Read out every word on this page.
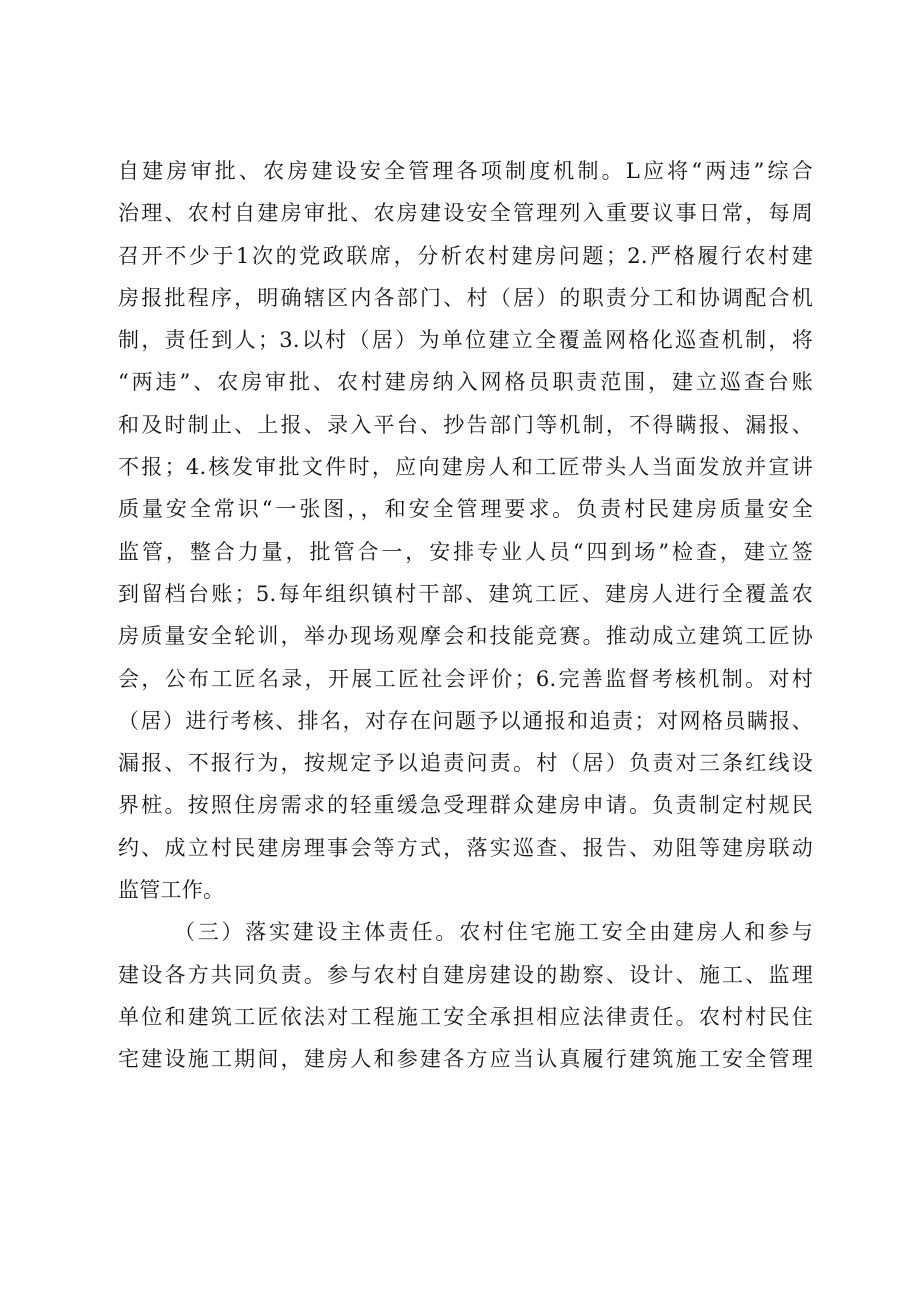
自建房审批、农房建设安全管理各项制度机制。L应将“两违”综合
治理、农村自建房审批、农房建设安全管理列入重要议事日常，每周
召开不少于1次的党政联席，分析农村建房问题；2.严格履行农村建
房报批程序，明确辖区内各部门、村（居）的职责分工和协调配合机
制，责任到人；3.以村（居）为单位建立全覆盖网格化巡查机制，将
“两违”、农房审批、农村建房纳入网格员职责范围，建立巡查台账
和及时制止、上报、录入平台、抄告部门等机制，不得瞒报、漏报、
不报；4.核发审批文件时，应向建房人和工匠带头人当面发放并宣讲
质量安全常识“一张图，，和安全管理要求。负责村民建房质量安全
监管，整合力量，批管合一，安排专业人员“四到场”检查，建立签
到留档台账；5.每年组织镇村干部、建筑工匠、建房人进行全覆盖农
房质量安全轮训，举办现场观摩会和技能竞赛。推动成立建筑工匠协
会，公布工匠名录，开展工匠社会评价；6.完善监督考核机制。对村
（居）进行考核、排名，对存在问题予以通报和追责；对网格员瞒报、
漏报、不报行为，按规定予以追责问责。村（居）负责对三条红线设
界桩。按照住房需求的轻重缓急受理群众建房申请。负责制定村规民
约、成立村民建房理事会等方式，落实巡查、报告、劝阻等建房联动
监管工作。
（三）落实建设主体责任。农村住宅施工安全由建房人和参与
建设各方共同负责。参与农村自建房建设的勘察、设计、施工、监理
单位和建筑工匠依法对工程施工安全承担相应法律责任。农村村民住
宅建设施工期间，建房人和参建各方应当认真履行建筑施工安全管理
